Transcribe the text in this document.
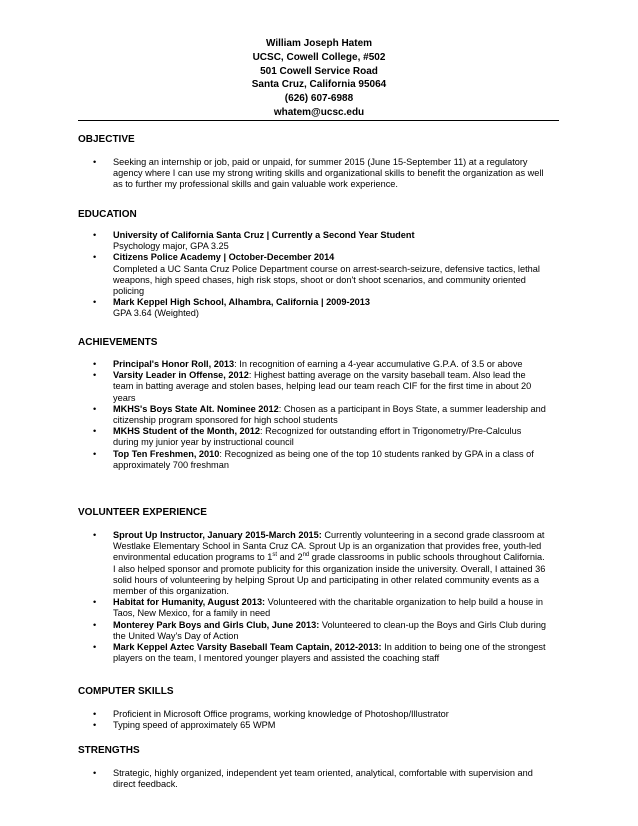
William Joseph Hatem
UCSC, Cowell College, #502
501 Cowell Service Road
Santa Cruz, California 95064
(626) 607-6988
whatem@ucsc.edu
OBJECTIVE
• Seeking an internship or job, paid or unpaid, for summer 2015 (June 15-September 11) at a regulatory agency where I can use my strong writing skills and organizational skills to benefit the organization as well as to further my professional skills and gain valuable work experience.
EDUCATION
• University of California Santa Cruz | Currently a Second Year Student
Psychology major, GPA 3.25
• Citizens Police Academy | October-December 2014
Completed a UC Santa Cruz Police Department course on arrest-search-seizure, defensive tactics, lethal weapons, high speed chases, high risk stops, shoot or don't shoot scenarios, and community oriented policing
• Mark Keppel High School, Alhambra, California | 2009-2013
GPA 3.64 (Weighted)
ACHIEVEMENTS
• Principal's Honor Roll, 2013: In recognition of earning a 4-year accumulative G.P.A. of 3.5 or above
• Varsity Leader in Offense, 2012: Highest batting average on the varsity baseball team. Also lead the team in batting average and stolen bases, helping lead our team reach CIF for the first time in about 20 years
• MKHS's Boys State Alt. Nominee 2012: Chosen as a participant in Boys State, a summer leadership and citizenship program sponsored for high school students
• MKHS Student of the Month, 2012: Recognized for outstanding effort in Trigonometry/Pre-Calculus during my junior year by instructional council
• Top Ten Freshmen, 2010: Recognized as being one of the top 10 students ranked by GPA in a class of approximately 700 freshman
VOLUNTEER EXPERIENCE
• Sprout Up Instructor, January 2015-March 2015: Currently volunteering in a second grade classroom at Westlake Elementary School in Santa Cruz CA. Sprout Up is an organization that provides free, youth-led environmental education programs to 1st and 2nd grade classrooms in public schools throughout California. I also helped sponsor and promote publicity for this organization inside the university. Overall, I attained 36 solid hours of volunteering by helping Sprout Up and participating in other related community events as a member of this organization.
• Habitat for Humanity, August 2013: Volunteered with the charitable organization to help build a house in Taos, New Mexico, for a family in need
• Monterey Park Boys and Girls Club, June 2013: Volunteered to clean-up the Boys and Girls Club during the United Way's Day of Action
• Mark Keppel Aztec Varsity Baseball Team Captain, 2012-2013: In addition to being one of the strongest players on the team, I mentored younger players and assisted the coaching staff
COMPUTER SKILLS
• Proficient in Microsoft Office programs, working knowledge of Photoshop/Illustrator
• Typing speed of approximately 65 WPM
STRENGTHS
• Strategic, highly organized, independent yet team oriented, analytical, comfortable with supervision and direct feedback.
